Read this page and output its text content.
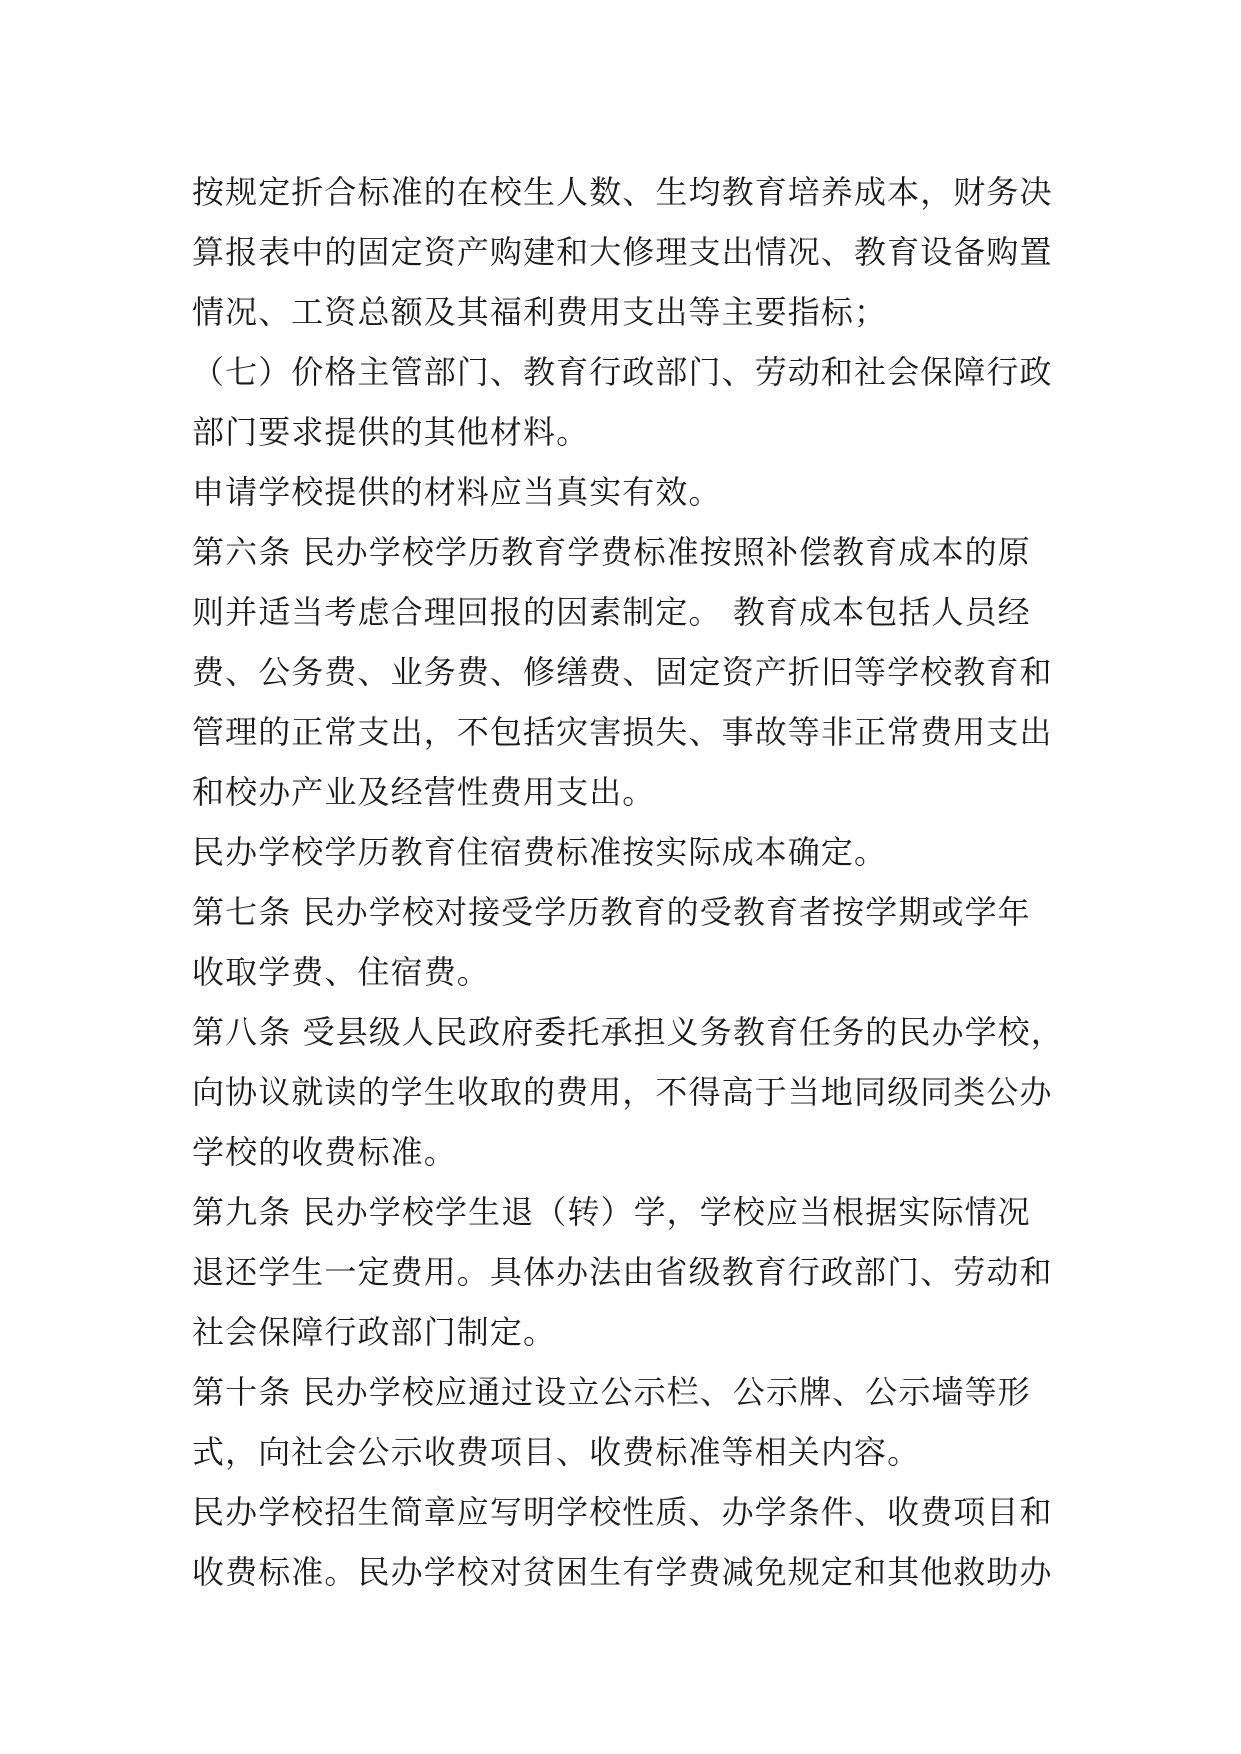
按规定折合标准的在校生人数、生均教育培养成本，财务决
算报表中的固定资产购建和大修理支出情况、教育设备购置
情况、工资总额及其福利费用支出等主要指标；
（七）价格主管部门、教育行政部门、劳动和社会保障行政
部门要求提供的其他材料。
申请学校提供的材料应当真实有效。
第六条 民办学校学历教育学费标准按照补偿教育成本的原
则并适当考虑合理回报的因素制定。 教育成本包括人员经
费、公务费、业务费、修缮费、固定资产折旧等学校教育和
管理的正常支出，不包括灾害损失、事故等非正常费用支出
和校办产业及经营性费用支出。
民办学校学历教育住宿费标准按实际成本确定。
第七条 民办学校对接受学历教育的受教育者按学期或学年
收取学费、住宿费。
第八条 受县级人民政府委托承担义务教育任务的民办学校，
向协议就读的学生收取的费用，不得高于当地同级同类公办
学校的收费标准。
第九条 民办学校学生退（转）学，学校应当根据实际情况
退还学生一定费用。具体办法由省级教育行政部门、劳动和
社会保障行政部门制定。
第十条 民办学校应通过设立公示栏、公示牌、公示墙等形
式，向社会公示收费项目、收费标准等相关内容。
民办学校招生简章应写明学校性质、办学条件、收费项目和
收费标准。民办学校对贫困生有学费减免规定和其他救助办
